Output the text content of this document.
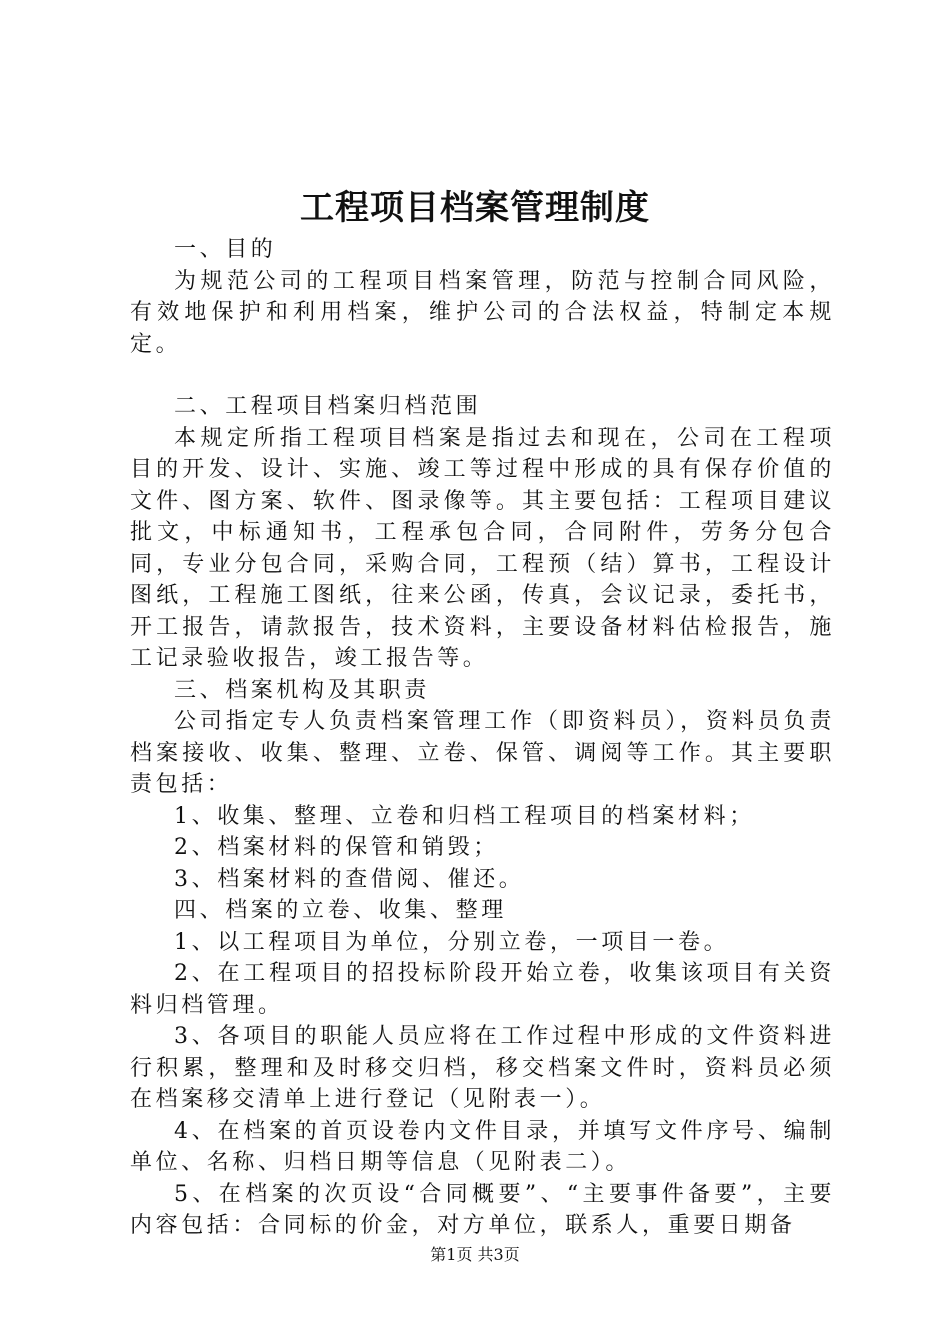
工程项目档案管理制度

一、目的

为规范公司的工程项目档案管理，防范与控制合同风险，有效地保护和利用档案，维护公司的合法权益，特制定本规定。

二、工程项目档案归档范围

本规定所指工程项目档案是指过去和现在，公司在工程项目的开发、设计、实施、竣工等过程中形成的具有保存价值的文件、图方案、软件、图录像等。其主要包括：工程项目建议批文，中标通知书，工程承包合同，合同附件，劳务分包合同，专业分包合同，采购合同，工程预（结）算书，工程设计图纸，工程施工图纸，往来公函，传真，会议记录，委托书，开工报告，请款报告，技术资料，主要设备材料估检报告，施工记录验收报告，竣工报告等。

三、档案机构及其职责

公司指定专人负责档案管理工作（即资料员），资料员负责档案接收、收集、整理、立卷、保管、调阅等工作。其主要职责包括：

1、收集、整理、立卷和归档工程项目的档案材料；

2、档案材料的保管和销毁；

3、档案材料的查借阅、催还。

四、档案的立卷、收集、整理

1、以工程项目为单位，分别立卷，一项目一卷。

2、在工程项目的招投标阶段开始立卷，收集该项目有关资料归档管理。

3、各项目的职能人员应将在工作过程中形成的文件资料进行积累，整理和及时移交归档，移交档案文件时，资料员必须在档案移交清单上进行登记（见附表一）。

4、在档案的首页设卷内文件目录，并填写文件序号、编制单位、名称、归档日期等信息（见附表二）。

5、在档案的次页设“合同概要”、“主要事件备要”，主要内容包括：合同标的价金，对方单位，联系人，重要日期备

第1页 共3页
